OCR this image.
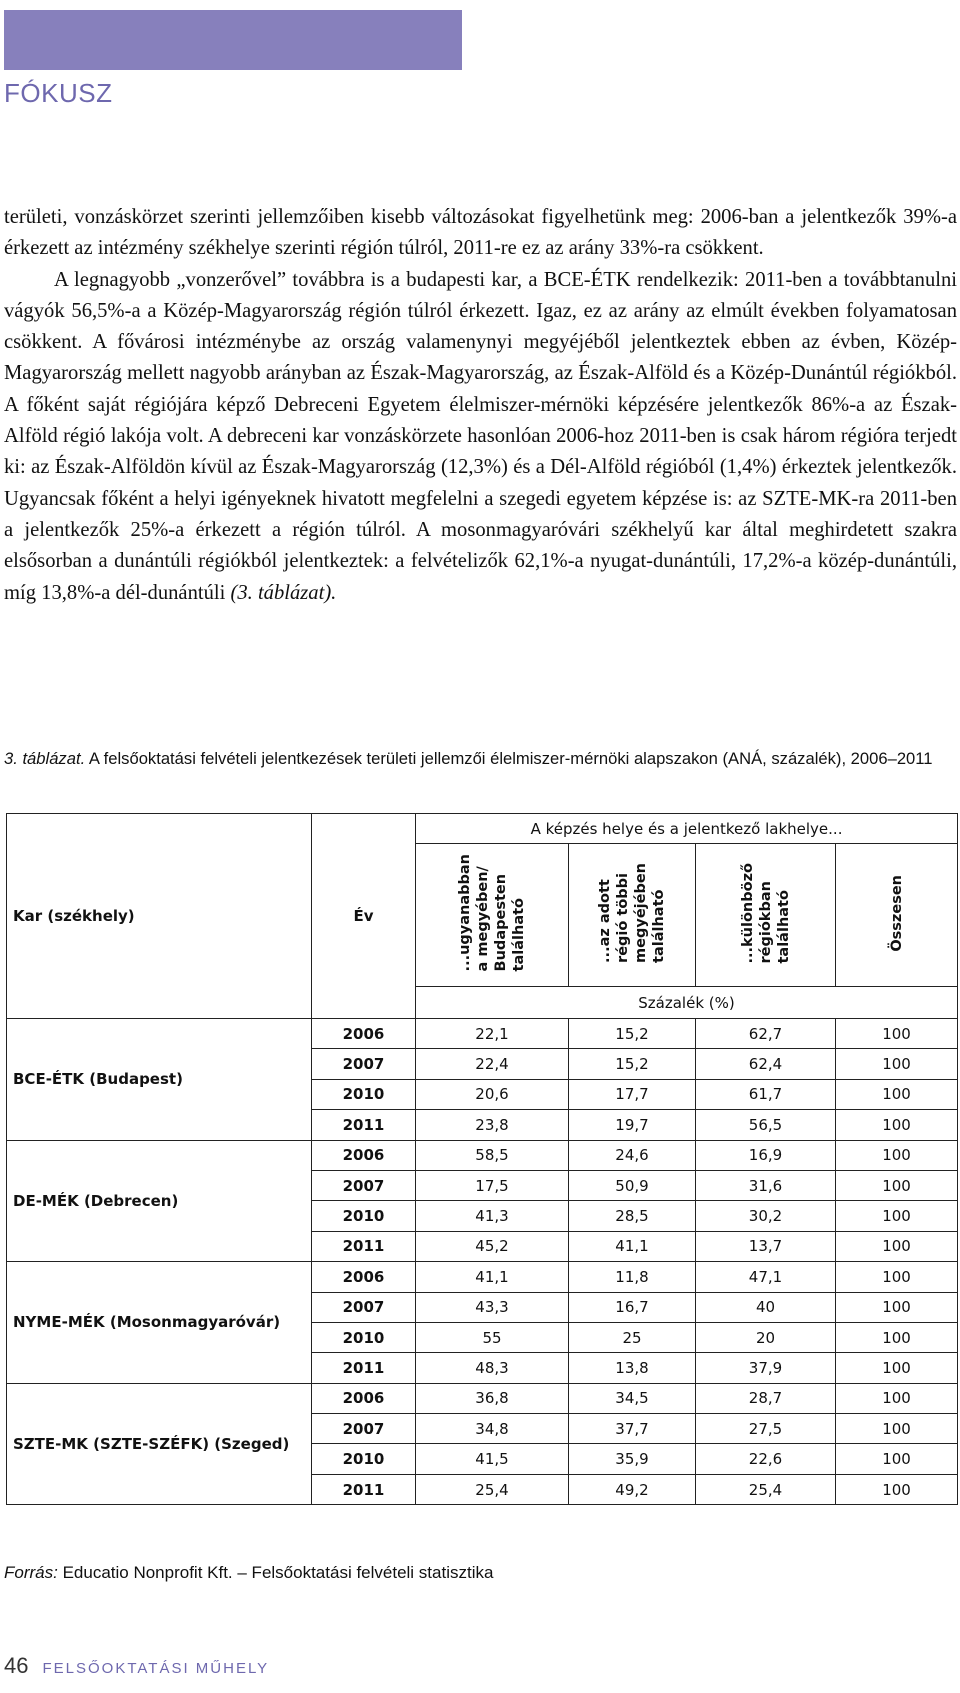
FÓKUSZ

területi, vonzáskörzet szerinti jellemzőiben kisebb változásokat figyelhetünk meg: 2006-ban a jelentkezők 39%-a érkezett az intézmény székhelye szerinti régión túlról, 2011-re ez az arány 33%-ra csökkent.

A legnagyobb „vonzerővel” továbbra is a budapesti kar, a BCE-ÉTK rendelkezik: 2011-ben a továbbtanulni vágyók 56,5%-a a Közép-Magyarország régión túlról érkezett. Igaz, ez az arány az elmúlt években folyamatosan csökkent. A fővárosi intézménybe az ország valamenynyi megyéjéből jelentkeztek ebben az évben, Közép-Magyarország mellett nagyobb arányban az Észak-Magyarország, az Észak-Alföld és a Közép-Dunántúl régiókból. A főként saját régiójára képző Debreceni Egyetem élelmiszer-mérnöki képzésére jelentkezők 86%-a az Észak-Alföld régió lakója volt. A debreceni kar vonzáskörzete hasonlóan 2006-hoz 2011-ben is csak három régióra terjedt ki: az Észak-Alföldön kívül az Észak-Magyarország (12,3%) és a Dél-Alföld régióból (1,4%) érkeztek jelentkezők. Ugyancsak főként a helyi igényeknek hivatott megfelelni a szegedi egyetem képzése is: az SZTE-MK-ra 2011-ben a jelentkezők 25%-a érkezett a régión túlról. A mosonmagyaróvári székhelyű kar által meghirdetett szakra elsősorban a dunántúli régiókból jelentkeztek: a felvételizők 62,1%-a nyugat-dunántúli, 17,2%-a közép-dunántúli, míg 13,8%-a dél-dunántúli (3. táblázat).

3. táblázat. A felsőoktatási felvételi jelentkezések területi jellemzői élelmiszer-mérnöki alapszakon (ANÁ, százalék), 2006–2011
Kar (székhely)	Év	A képzés helye és a jelentkező lakhelye...			
		...ugyanabban
a megyében/
Budapesten
található	...az adott
régió többi
megyéjében
található	...különböző
régiókban
található	Összesen
		Százalék (%)			
BCE-ÉTK (Budapest)	2006	22,1	15,2	62,7	100
	2007	22,4	15,2	62,4	100
	2010	20,6	17,7	61,7	100
	2011	23,8	19,7	56,5	100
DE-MÉK (Debrecen)	2006	58,5	24,6	16,9	100
	2007	17,5	50,9	31,6	100
	2010	41,3	28,5	30,2	100
	2011	45,2	41,1	13,7	100
NYME-MÉK (Mosonmagyaróvár)	2006	41,1	11,8	47,1	100
	2007	43,3	16,7	40	100
	2010	55	25	20	100
	2011	48,3	13,8	37,9	100
SZTE-MK (SZTE-SZÉFK) (Szeged)	2006	36,8	34,5	28,7	100
	2007	34,8	37,7	27,5	100
	2010	41,5	35,9	22,6	100
	2011	25,4	49,2	25,4	100
Forrás: Educatio Nonprofit Kft. – Felsőoktatási felvételi statisztika
46 FELSŐOKTATÁSI MŰHELY
